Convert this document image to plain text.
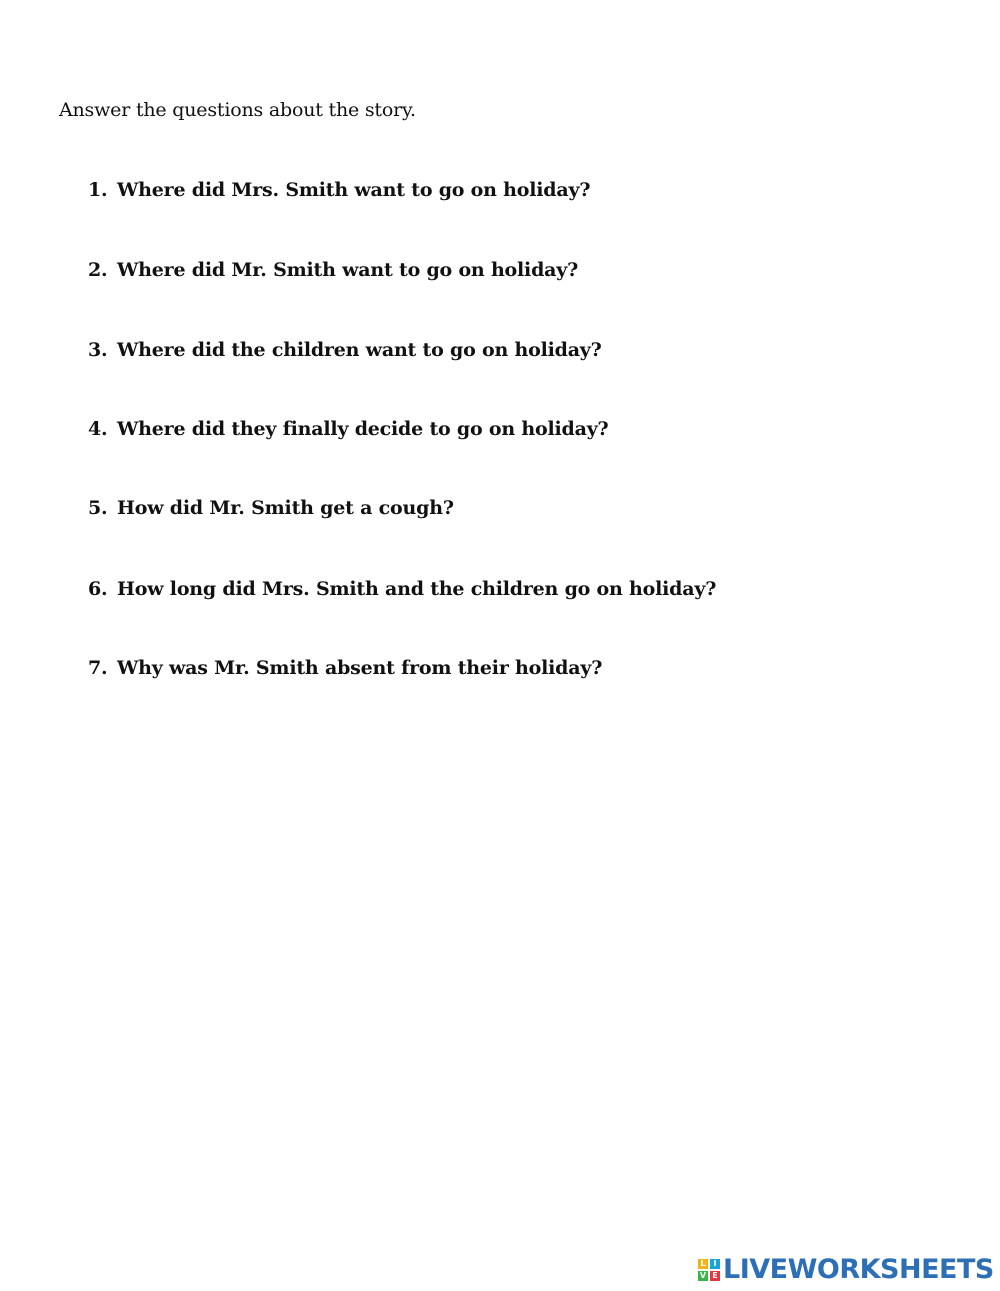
Answer the questions about the story.
1. Where did Mrs. Smith want to go on holiday?
2. Where did Mr. Smith want to go on holiday?
3. Where did the children want to go on holiday?
4. Where did they finally decide to go on holiday?
5. How did Mr. Smith get a cough?
6. How long did Mrs. Smith and the children go on holiday?
7. Why was Mr. Smith absent from their holiday?
L I
V E LIVEWORKSHEETS
